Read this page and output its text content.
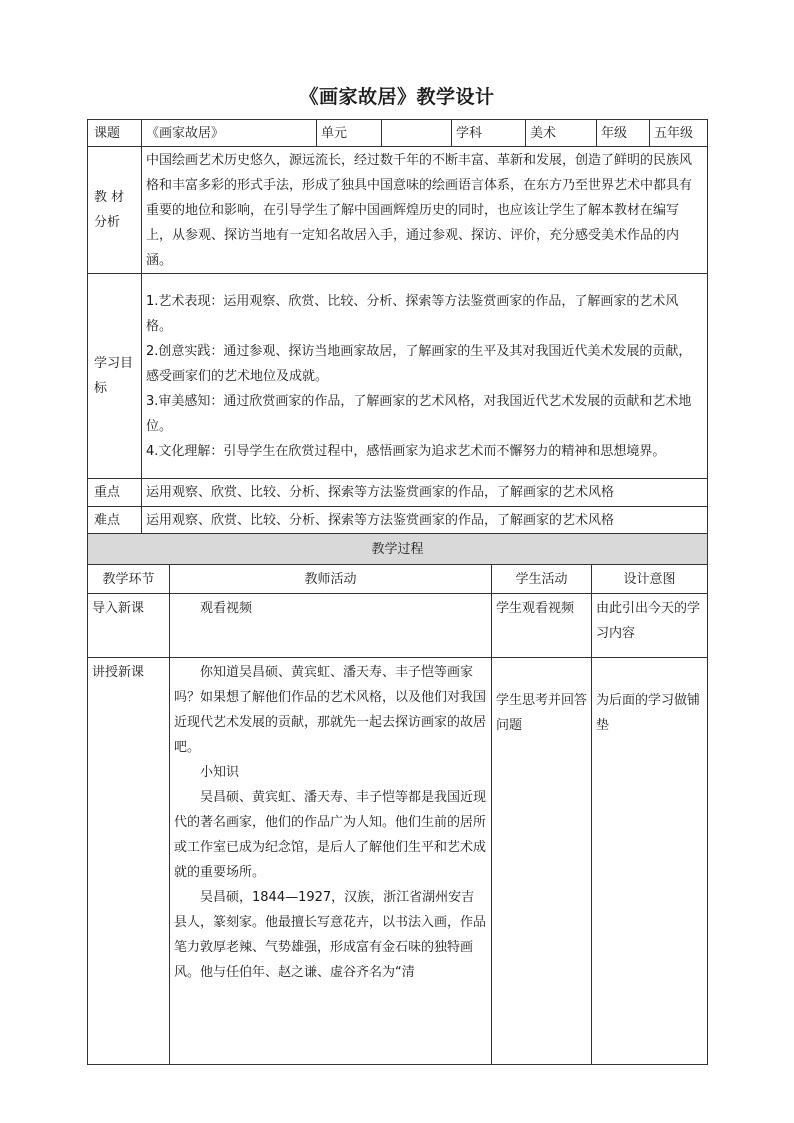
《画家故居》教学设计
课题	《画家故居》	单元		学科	美术	年级	五年级
教 材分析	中国绘画艺术历史悠久，源远流长，经过数千年的不断丰富、革新和发展，创造了鲜明的民族风格和丰富多彩的形式手法，形成了独具中国意味的绘画语言体系，在东方乃至世界艺术中都具有重要的地位和影响，在引导学生了解中国画辉煌历史的同时，也应该让学生了解本教材在编写上，从参观、探访当地有一定知名故居入手，通过参观、探访、评价，充分感受美术作品的内涵。						
学习目标	1.艺术表现：运用观察、欣赏、比较、分析、探索等方法鉴赏画家的作品，了解画家的艺术风格。

2.创意实践：通过参观、探访当地画家故居，了解画家的生平及其对我国近代美术发展的贡献，感受画家们的艺术地位及成就。

3.审美感知：通过欣赏画家的作品，了解画家的艺术风格，对我国近代艺术发展的贡献和艺术地位。

4.文化理解：引导学生在欣赏过程中，感悟画家为追求艺术而不懈努力的精神和思想境界。						

重点	运用观察、欣赏、比较、分析、探索等方法鉴赏画家的作品，了解画家的艺术风格						
难点	运用观察、欣赏、比较、分析、探索等方法鉴赏画家的作品，了解画家的艺术风格						
教学过程			
教学环节	教师活动	学生活动	设计意图
导入新课	观看视频	学生观看视频	由此引出今天的学习内容
讲授新课	你知道吴昌硕、黄宾虹、潘天寿、丰子恺等画家吗？如果想了解他们作品的艺术风格，以及他们对我国近现代艺术发展的贡献，那就先一起去探访画家的故居吧。

小知识

吴昌硕、黄宾虹、潘天寿、丰子恺等都是我国近现代的著名画家，他们的作品广为人知。他们生前的居所或工作室已成为纪念馆，是后人了解他们生平和艺术成就的重要场所。

吴昌硕，1844—1927，汉族，浙江省湖州安吉县人，篆刻家。他最擅长写意花卉，以书法入画，作品笔力敦厚老辣、气势雄强，形成富有金石味的独特画风。他与任伯年、赵之谦、虚谷齐名为“清	学生思考并回答问题	为后面的学习做铺垫
